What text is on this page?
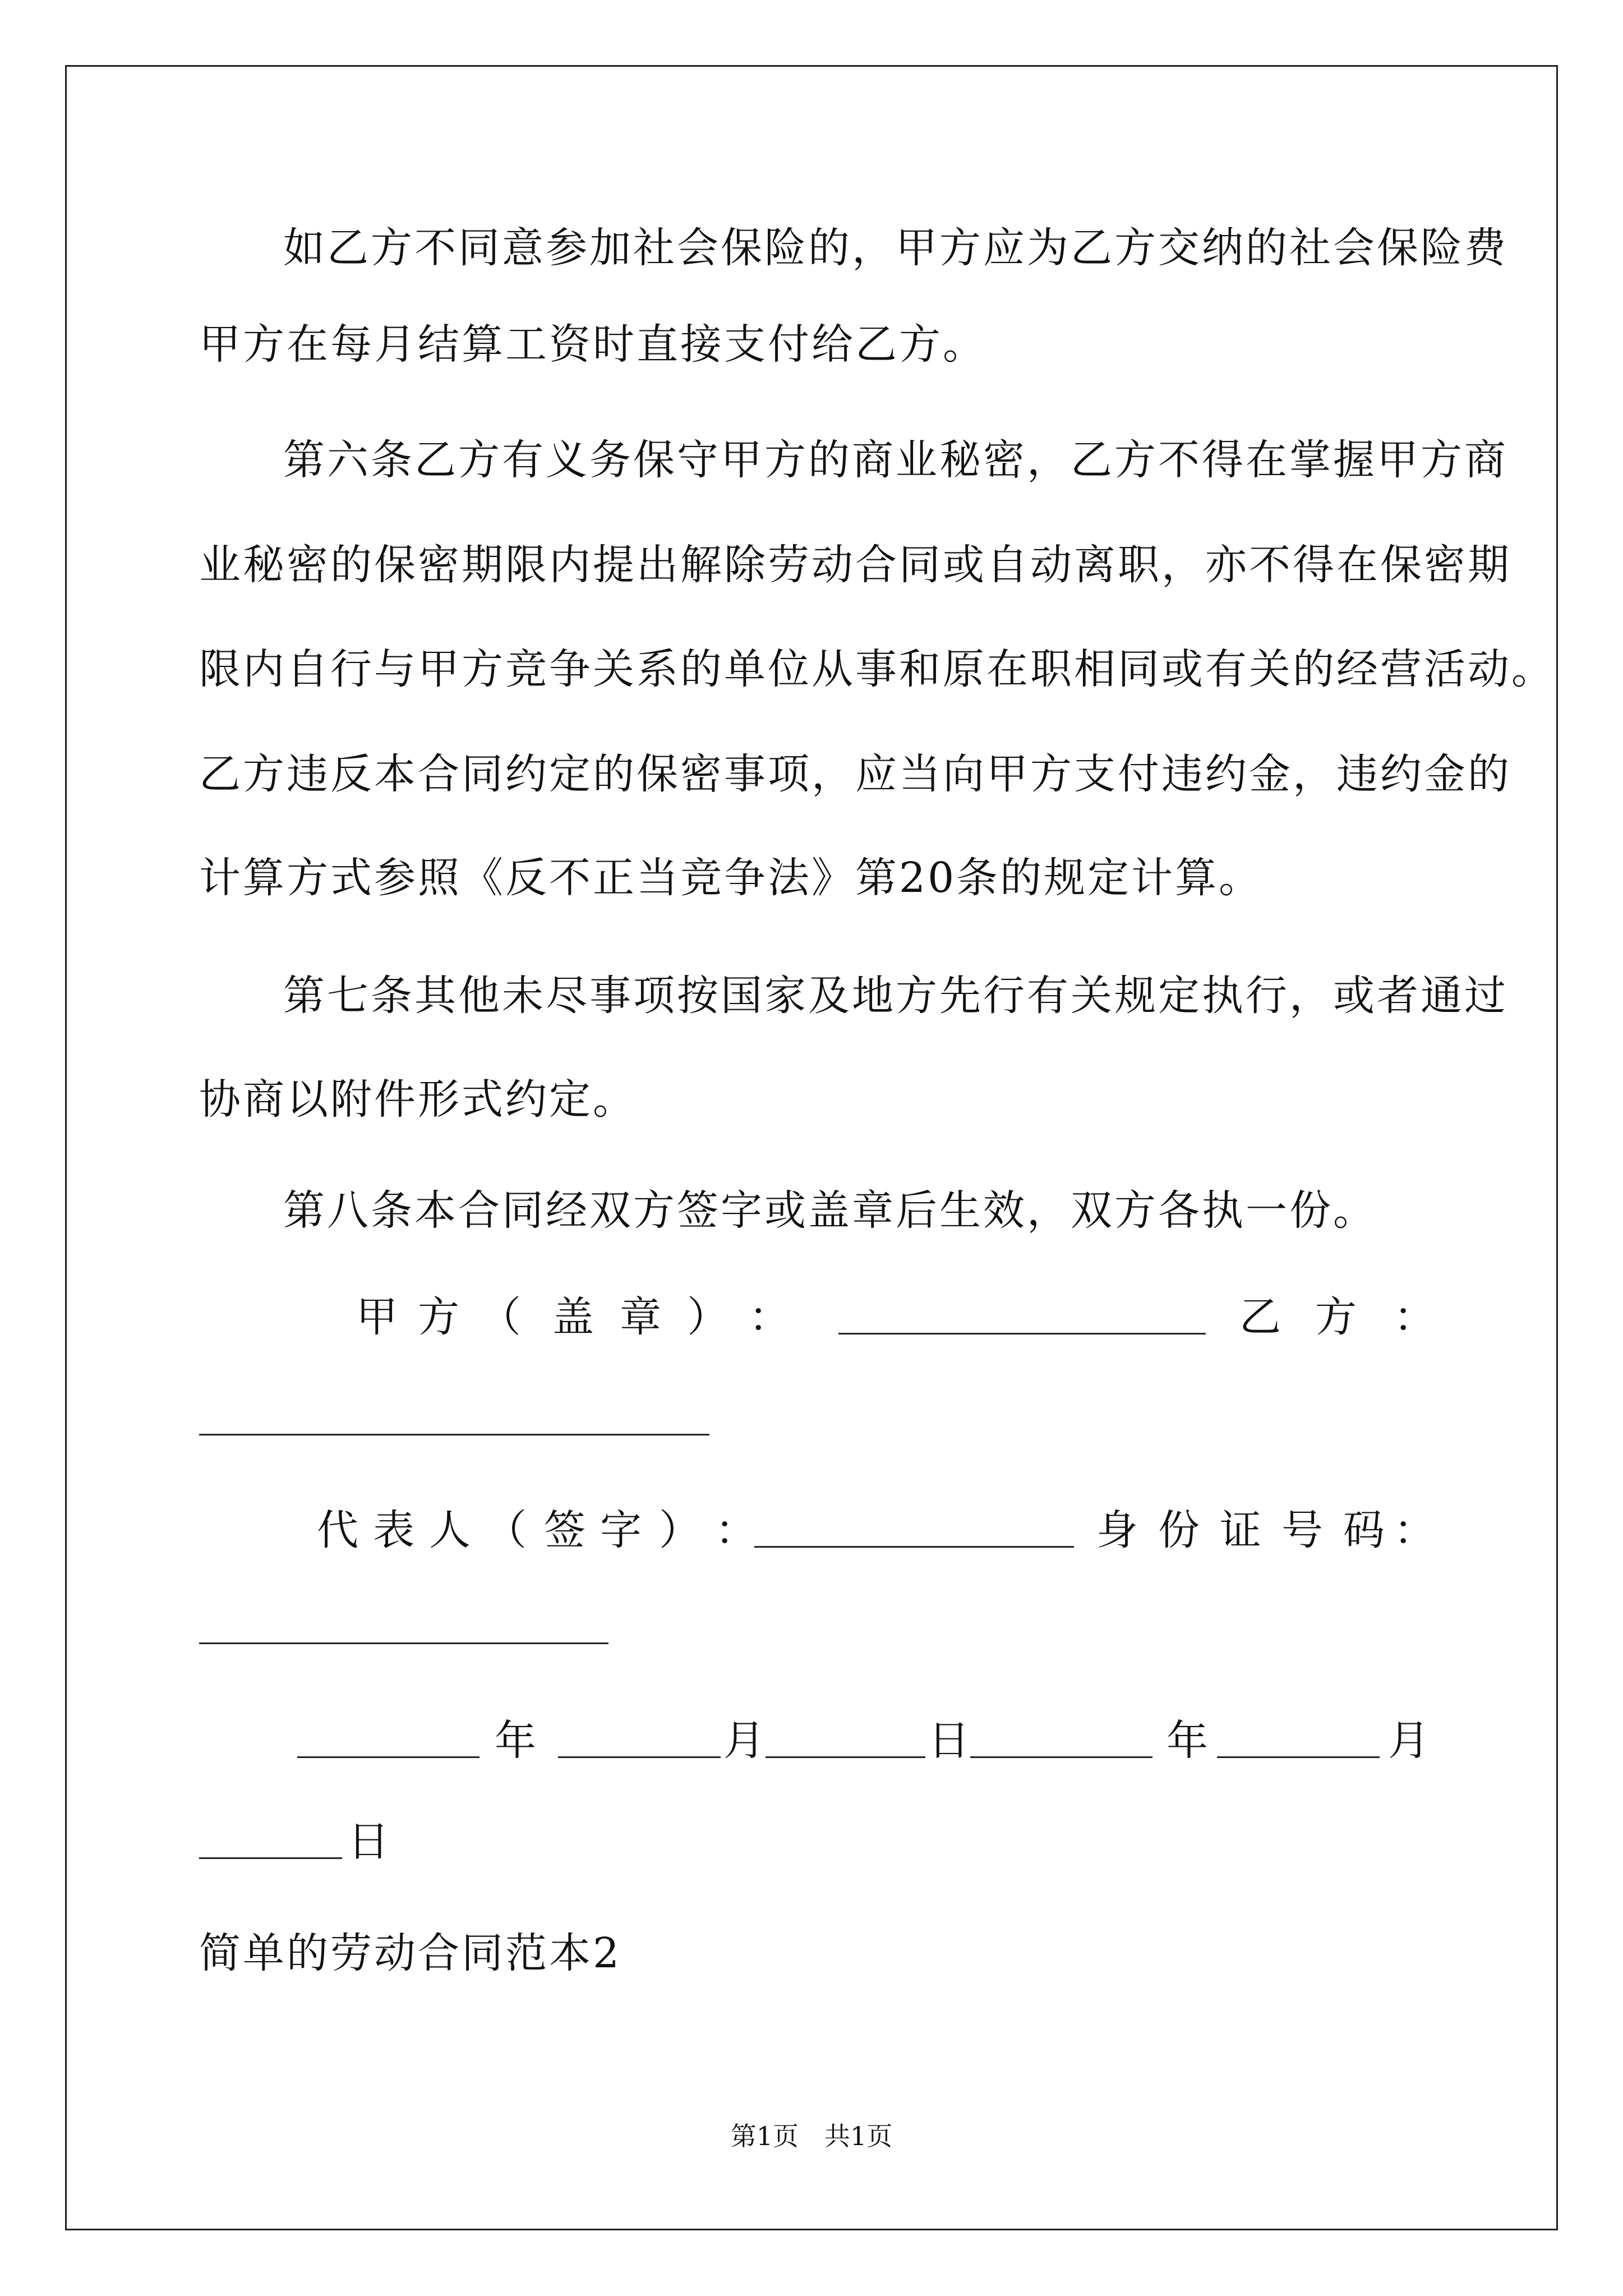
如乙方不同意参加社会保险的，甲方应为乙方交纳的社会保险费
甲方在每月结算工资时直接支付给乙方。
第六条乙方有义务保守甲方的商业秘密，乙方不得在掌握甲方商
业秘密的保密期限内提出解除劳动合同或自动离职，亦不得在保密期
限内自行与甲方竞争关系的单位从事和原在职相同或有关的经营活动。
乙方违反本合同约定的保密事项，应当向甲方支付违约金，违约金的
计算方式参照《反不正当竞争法》第20条的规定计算。
第七条其他未尽事项按国家及地方先行有关规定执行，或者通过
协商以附件形式约定。
第八条本合同经双方签字或盖章后生效，双方各执一份。
甲 方 （ 盖 章 ） ：	乙 方 ：
代 表 人 （ 签 字 ） ：	身 份 证 号 码 ：
年	月	日	年	月
日
简单的劳动合同范本2
第1页 共1页
